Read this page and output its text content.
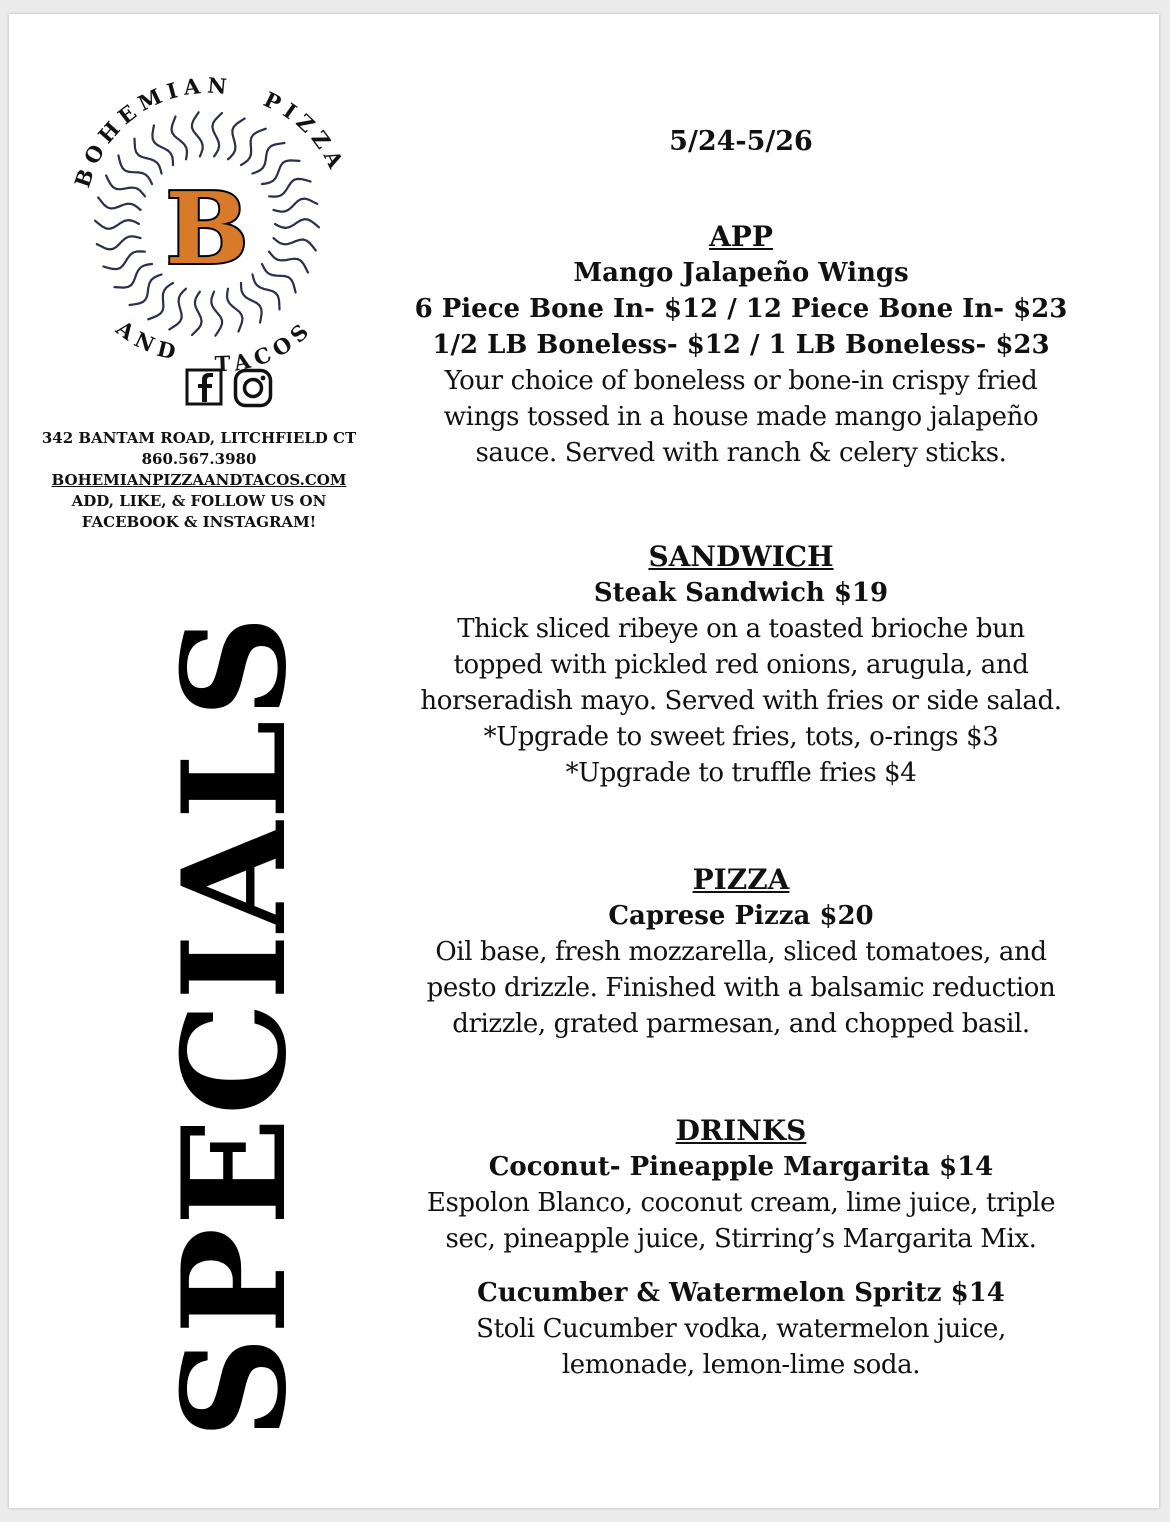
B
BOHEMIAN
PIZZA
AND TACOS
342 BANTAM ROAD, LITCHFIELD CT
860.567.3980
BOHEMIANPIZZAANDTACOS.COM
ADD, LIKE, & FOLLOW US ON
FACEBOOK & INSTAGRAM!
SPECIALS
5/24-5/26
APP
Mango Jalapeño Wings
6 Piece Bone In- $12 / 12 Piece Bone In- $23
1/2 LB Boneless- $12 / 1 LB Boneless- $23
Your choice of boneless or bone-in crispy fried
wings tossed in a house made mango jalapeño
sauce. Served with ranch & celery sticks.
SANDWICH
Steak Sandwich $19
Thick sliced ribeye on a toasted brioche bun
topped with pickled red onions, arugula, and
horseradish mayo. Served with fries or side salad.
*Upgrade to sweet fries, tots, o-rings $3
*Upgrade to truffle fries $4
PIZZA
Caprese Pizza $20
Oil base, fresh mozzarella, sliced tomatoes, and
pesto drizzle. Finished with a balsamic reduction
drizzle, grated parmesan, and chopped basil.
DRINKS
Coconut- Pineapple Margarita $14
Espolon Blanco, coconut cream, lime juice, triple
sec, pineapple juice, Stirring’s Margarita Mix.
Cucumber & Watermelon Spritz $14
Stoli Cucumber vodka, watermelon juice,
lemonade, lemon-lime soda.
